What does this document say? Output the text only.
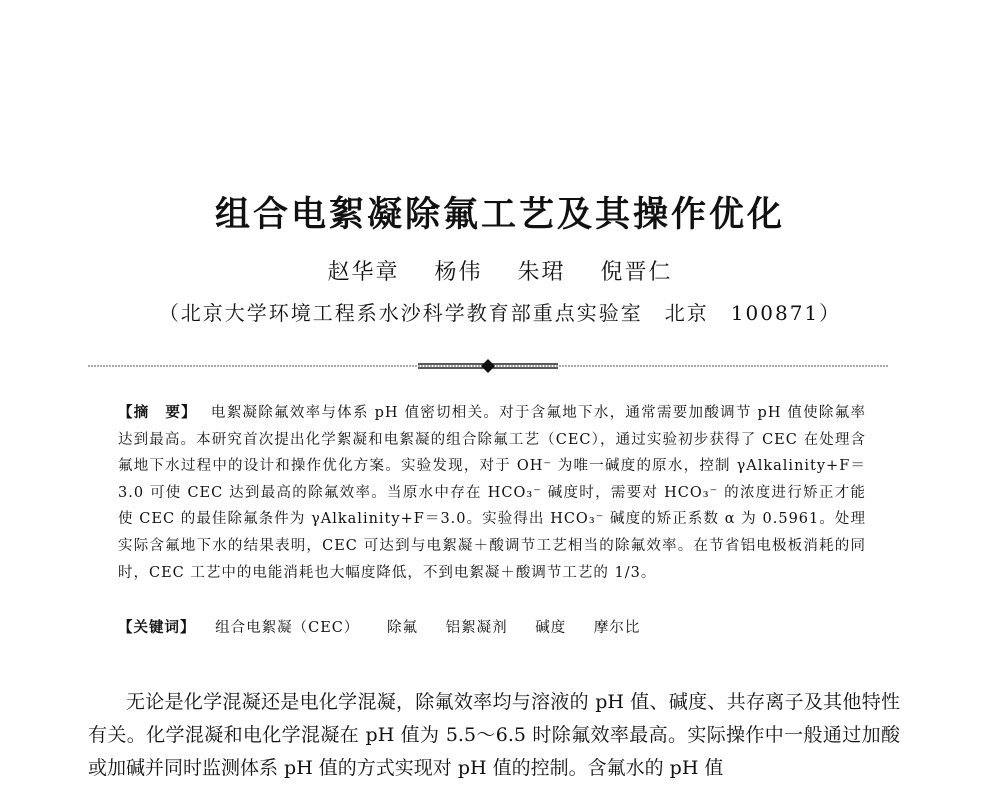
组合电絮凝除氟工艺及其操作优化
赵华章 杨伟 朱珺 倪晋仁
（北京大学环境工程系水沙科学教育部重点实验室　北京　100871）
【摘　要】 电絮凝除氟效率与体系 pH 值密切相关。对于含氟地下水，通常需要加酸调节 pH 值使除氟率达到最高。本研究首次提出化学絮凝和电絮凝的组合除氟工艺（CEC），通过实验初步获得了 CEC 在处理含氟地下水过程中的设计和操作优化方案。实验发现，对于 OH⁻ 为唯一碱度的原水，控制 γAlkalinity+F＝3.0 可使 CEC 达到最高的除氟效率。当原水中存在 HCO₃⁻ 碱度时，需要对 HCO₃⁻ 的浓度进行矫正才能使 CEC 的最佳除氟条件为 γAlkalinity+F＝3.0。实验得出 HCO₃⁻ 碱度的矫正系数 α 为 0.5961。处理实际含氟地下水的结果表明，CEC 可达到与电絮凝＋酸调节工艺相当的除氟效率。在节省铝电极板消耗的同时，CEC 工艺中的电能消耗也大幅度降低，不到电絮凝＋酸调节工艺的 1/3。
【关键词】 组合电絮凝（CEC） 除氟 铝絮凝剂 碱度 摩尔比

无论是化学混凝还是电化学混凝，除氟效率均与溶液的 pH 值、碱度、共存离子及其他特性有关。化学混凝和电化学混凝在 pH 值为 5.5～6.5 时除氟效率最高。实际操作中一般通过加酸或加碱并同时监测体系 pH 值的方式实现对 pH 值的控制。含氟水的 pH 值
